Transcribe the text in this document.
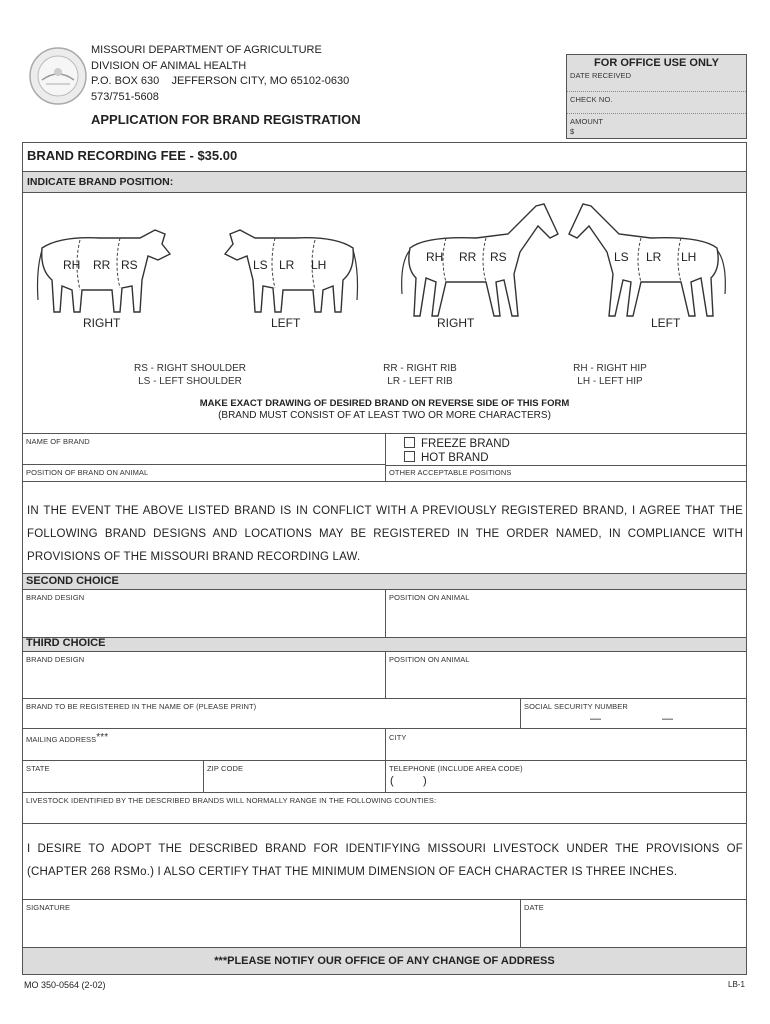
MISSOURI DEPARTMENT OF AGRICULTURE
DIVISION OF ANIMAL HEALTH
P.O. BOX 630    JEFFERSON CITY, MO 65102-0630
573/751-5608
APPLICATION FOR BRAND REGISTRATION
FOR OFFICE USE ONLY
DATE RECEIVED
CHECK NO.
AMOUNT
$
BRAND RECORDING FEE - $35.00
INDICATE BRAND POSITION:
RH RR RS	LS LR LH
RIGHT	LEFT
RH RR RS	LS LR LH
RIGHT	LEFT
RS - RIGHT SHOULDER
LS - LEFT SHOULDER
RR - RIGHT RIB
LR - LEFT RIB
RH - RIGHT HIP
LH - LEFT HIP
MAKE EXACT DRAWING OF DESIRED BRAND ON REVERSE SIDE OF THIS FORM
(BRAND MUST CONSIST OF AT LEAST TWO OR MORE CHARACTERS)
NAME OF BRAND	FREEZE BRAND
HOT BRAND
POSITION OF BRAND ON ANIMAL	OTHER ACCEPTABLE POSITIONS
IN THE EVENT THE ABOVE LISTED BRAND IS IN CONFLICT WITH A PREVIOUSLY REGISTERED BRAND, I AGREE THAT THE FOLLOWING BRAND DESIGNS AND LOCATIONS MAY BE REGISTERED IN THE ORDER NAMED, IN COMPLIANCE WITH PROVISIONS OF THE MISSOURI BRAND RECORDING LAW.
SECOND CHOICE
BRAND DESIGN	POSITION ON ANIMAL
THIRD CHOICE
BRAND DESIGN	POSITION ON ANIMAL
BRAND TO BE REGISTERED IN THE NAME OF (PLEASE PRINT)	SOCIAL SECURITY NUMBER
—	—
MAILING ADDRESS***	CITY
STATE	ZIP CODE	TELEPHONE (INCLUDE AREA CODE)
(	)
LIVESTOCK IDENTIFIED BY THE DESCRIBED BRANDS WILL NORMALLY RANGE IN THE FOLLOWING COUNTIES:
I DESIRE TO ADOPT THE DESCRIBED BRAND FOR IDENTIFYING MISSOURI LIVESTOCK UNDER THE PROVISIONS OF (CHAPTER 268 RSMo.) I ALSO CERTIFY THAT THE MINIMUM DIMENSION OF EACH CHARACTER IS THREE INCHES.
SIGNATURE	DATE
***PLEASE NOTIFY OUR OFFICE OF ANY CHANGE OF ADDRESS
MO 350-0564 (2-02)	LB-1
